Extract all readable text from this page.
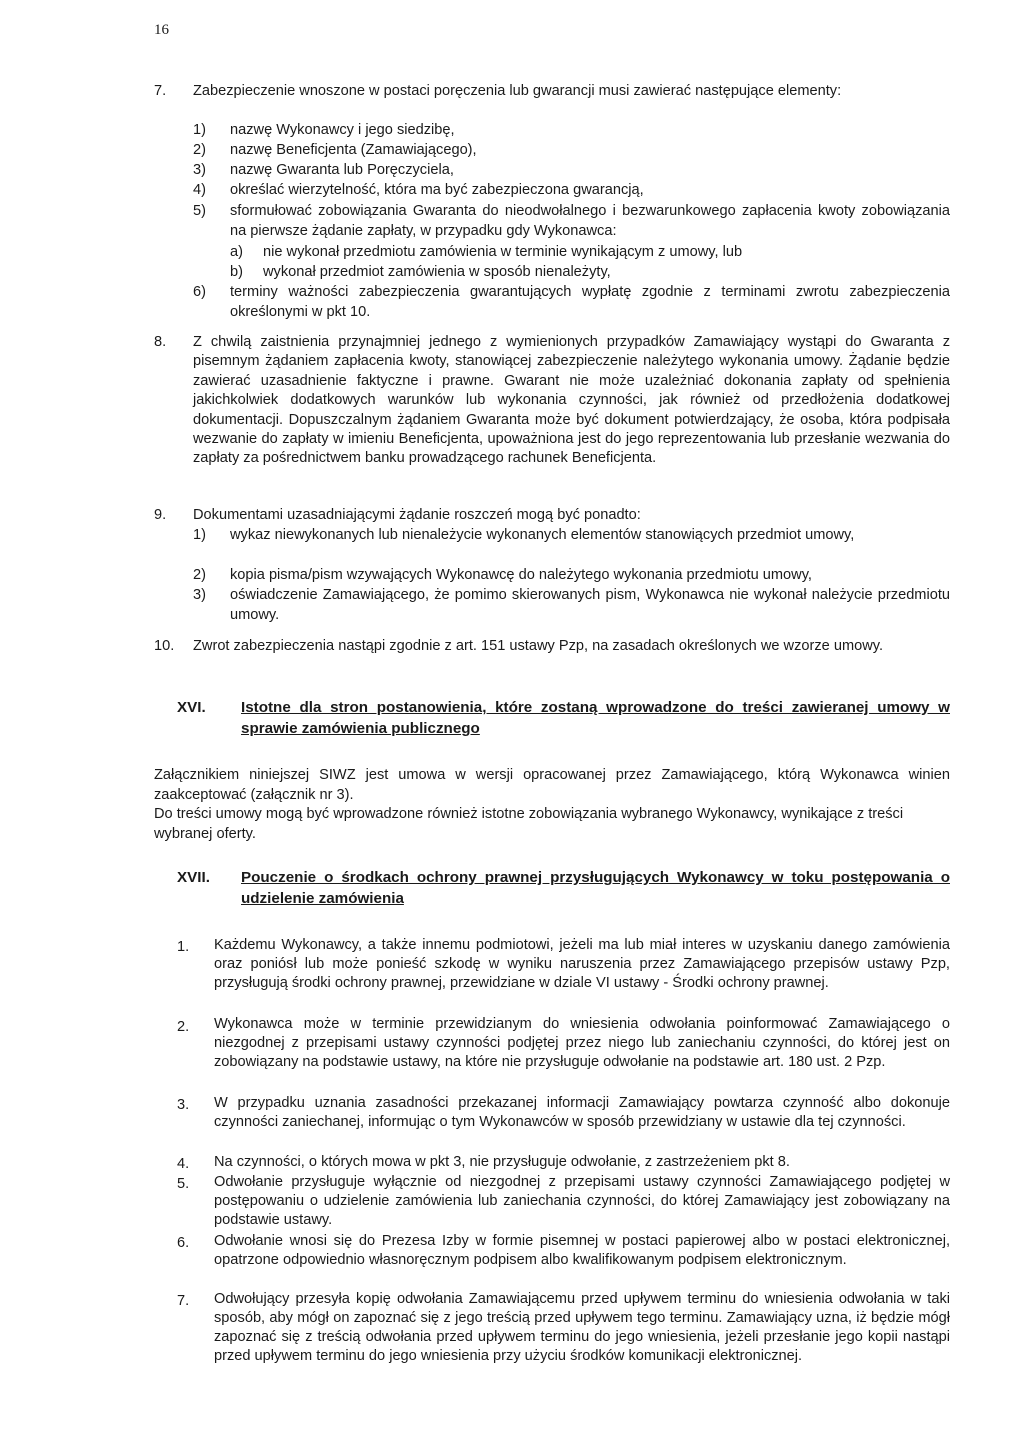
16
7. Zabezpieczenie wnoszone w postaci poręczenia lub gwarancji musi zawierać następujące elementy:
1) nazwę Wykonawcy i jego siedzibę,
2) nazwę Beneficjenta (Zamawiającego),
3) nazwę Gwaranta lub Poręczyciela,
4) określać wierzytelność, która ma być zabezpieczona gwarancją,
5) sformułować zobowiązania Gwaranta do nieodwołalnego i bezwarunkowego zapłacenia kwoty zobowiązania na pierwsze żądanie zapłaty, w przypadku gdy Wykonawca:
a) nie wykonał przedmiotu zamówienia w terminie wynikającym z umowy, lub
b) wykonał przedmiot zamówienia w sposób nienależyty,
6) terminy ważności zabezpieczenia gwarantujących wypłatę zgodnie z terminami zwrotu zabezpieczenia określonymi w pkt 10.
8. Z chwilą zaistnienia przynajmniej jednego z wymienionych przypadków Zamawiający wystąpi do Gwaranta z pisemnym żądaniem zapłacenia kwoty, stanowiącej zabezpieczenie należytego wykonania umowy. Żądanie będzie zawierać uzasadnienie faktyczne i prawne. Gwarant nie może uzależniać dokonania zapłaty od spełnienia jakichkolwiek dodatkowych warunków lub wykonania czynności, jak również od przedłożenia dodatkowej dokumentacji. Dopuszczalnym żądaniem Gwaranta może być dokument potwierdzający, że osoba, która podpisała wezwanie do zapłaty w imieniu Beneficjenta, upoważniona jest do jego reprezentowania lub przesłanie wezwania do zapłaty za pośrednictwem banku prowadzącego rachunek Beneficjenta.
9. Dokumentami uzasadniającymi żądanie roszczeń mogą być ponadto:
1) wykaz niewykonanych lub nienależycie wykonanych elementów stanowiących przedmiot umowy,
2) kopia pisma/pism wzywających Wykonawcę do należytego wykonania przedmiotu umowy,
3) oświadczenie Zamawiającego, że pomimo skierowanych pism, Wykonawca nie wykonał należycie przedmiotu umowy.
10. Zwrot zabezpieczenia nastąpi zgodnie z art. 151 ustawy Pzp, na zasadach określonych we wzorze umowy.
XVI. Istotne dla stron postanowienia, które zostaną wprowadzone do treści zawieranej umowy w sprawie zamówienia publicznego
Załącznikiem niniejszej SIWZ jest umowa w wersji opracowanej przez Zamawiającego, którą Wykonawca winien zaakceptować (załącznik nr 3).
Do treści umowy mogą być wprowadzone również istotne zobowiązania wybranego Wykonawcy, wynikające z treści wybranej oferty.
XVII. Pouczenie o środkach ochrony prawnej przysługujących Wykonawcy w toku postępowania o udzielenie zamówienia
1. Każdemu Wykonawcy, a także innemu podmiotowi, jeżeli ma lub miał interes w uzyskaniu danego zamówienia oraz poniósł lub może ponieść szkodę w wyniku naruszenia przez Zamawiającego przepisów ustawy Pzp, przysługują środki ochrony prawnej, przewidziane w dziale VI ustawy - Środki ochrony prawnej.
2. Wykonawca może w terminie przewidzianym do wniesienia odwołania poinformować Zamawiającego o niezgodnej z przepisami ustawy czynności podjętej przez niego lub zaniechaniu czynności, do której jest on zobowiązany na podstawie ustawy, na które nie przysługuje odwołanie na podstawie art. 180 ust. 2 Pzp.
3. W przypadku uznania zasadności przekazanej informacji Zamawiający powtarza czynność albo dokonuje czynności zaniechanej, informując o tym Wykonawców w sposób przewidziany w ustawie dla tej czynności.
4. Na czynności, o których mowa w pkt 3, nie przysługuje odwołanie, z zastrzeżeniem pkt 8.
5. Odwołanie przysługuje wyłącznie od niezgodnej z przepisami ustawy czynności Zamawiającego podjętej w postępowaniu o udzielenie zamówienia lub zaniechania czynności, do której Zamawiający jest zobowiązany na podstawie ustawy.
6. Odwołanie wnosi się do Prezesa Izby w formie pisemnej w postaci papierowej albo w postaci elektronicznej, opatrzone odpowiednio własnoręcznym podpisem albo kwalifikowanym podpisem elektronicznym.
7. Odwołujący przesyła kopię odwołania Zamawiającemu przed upływem terminu do wniesienia odwołania w taki sposób, aby mógł on zapoznać się z jego treścią przed upływem tego terminu. Zamawiający uzna, iż będzie mógł zapoznać się z treścią odwołania przed upływem terminu do jego wniesienia, jeżeli przesłanie jego kopii nastąpi przed upływem terminu do jego wniesienia przy użyciu środków komunikacji elektronicznej.
